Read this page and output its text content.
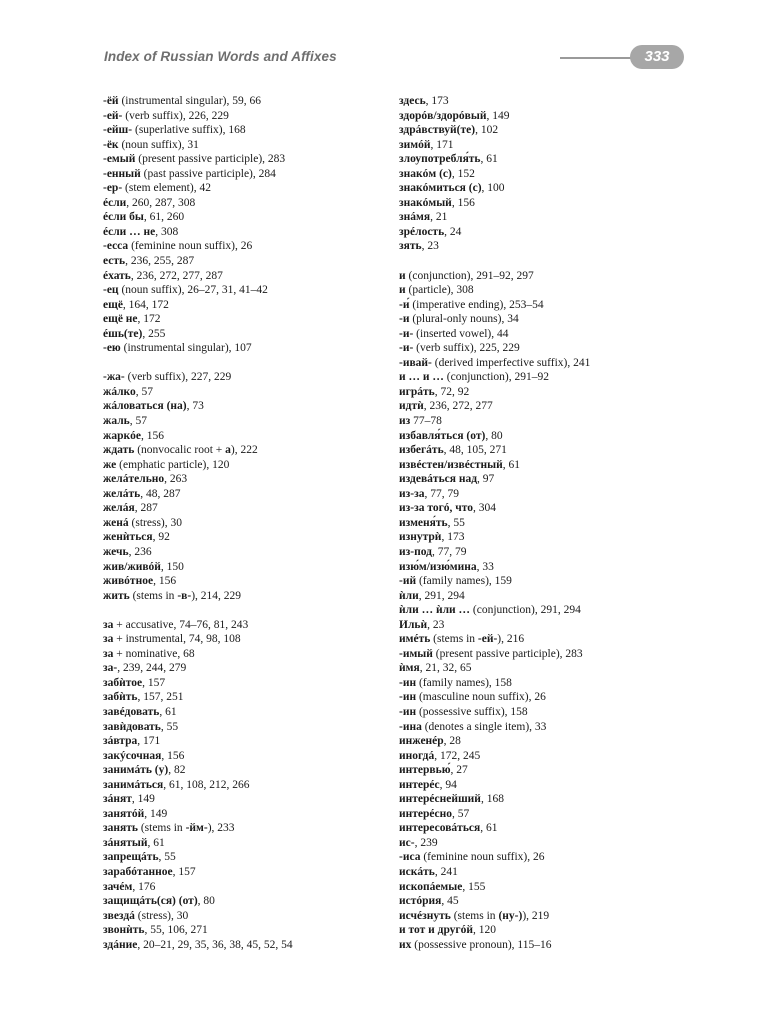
Index of Russian Words and Affixes	333
-ёй (instrumental singular), 59, 66
-ей- (verb suffix), 226, 229
-ейш- (superlative suffix), 168
-ёк (noun suffix), 31
-емый (present passive participle), 283
-енный (past passive participle), 284
-ер- (stem element), 42
éсли, 260, 287, 308
éсли бы, 61, 260
éсли … не, 308
-есса (feminine noun suffix), 26
есть, 236, 255, 287
éхать, 236, 272, 277, 287
-ец (noun suffix), 26–27, 31, 41–42
ещё, 164, 172
ещё не, 172
éшь(те), 255
-ею (instrumental singular), 107
-жа- (verb suffix), 227, 229
жáлко, 57
жáловаться (на), 73
жаль, 57
жаркóе, 156
ждать (nonvocalic root + а), 222
же (emphatic particle), 120
желáтельно, 263
желáть, 48, 287
желáя, 287
женá (stress), 30
женѝться, 92
жечь, 236
жив/живóй, 150
живóтное, 156
жить (stems in -в-), 214, 229
за + accusative, 74–76, 81, 243
за + instrumental, 74, 98, 108
за + nominative, 68
за-, 239, 244, 279
забѝтое, 157
забѝть, 157, 251
завéдовать, 61
завѝдовать, 55
зáвтра, 171
закýсочная, 156
занимáть (у), 82
занимáться, 61, 108, 212, 266
зáнят, 149
занятóй, 149
занять (stems in -йм-), 233
зáнятый, 61
запрещáть, 55
зарабóтанное, 157
зачéм, 176
защищáть(ся) (от), 80
звездá (stress), 30
звонѝть, 55, 106, 271
здáние, 20–21, 29, 35, 36, 38, 45, 52, 54
здесь, 173
здорóв/здорóвый, 149
здрáвствуй(те), 102
зимóй, 171
злоупотребля́ть, 61
знакóм (с), 152
знакóмиться (с), 100
знакóмый, 156
знáмя, 21
зрéлость, 24
зять, 23
и (conjunction), 291–92, 297
и (particle), 308
-и́ (imperative ending), 253–54
-и (plural-only nouns), 34
-и- (inserted vowel), 44
-и- (verb suffix), 225, 229
-ивай- (derived imperfective suffix), 241
и … и … (conjunction), 291–92
игрáть, 72, 92
идтѝ, 236, 272, 277
из 77–78
избавля́ться (от), 80
избегáть, 48, 105, 271
извéстен/извéстный, 61
издевáться над, 97
из-за, 77, 79
из-за тогó, что, 304
изменя́ть, 55
изнутрѝ, 173
из-под, 77, 79
изю́м/изю́мина, 33
-ий (family names), 159
ѝли, 291, 294
ѝли … ѝли … (conjunction), 291, 294
Ильѝ, 23
имéть (stems in -ей-), 216
-имый (present passive participle), 283
ѝмя, 21, 32, 65
-ин (family names), 158
-ин (masculine noun suffix), 26
-ин (possessive suffix), 158
-ина (denotes a single item), 33
инженéр, 28
иногдá, 172, 245
интервью́, 27
интерéс, 94
интерéснейший, 168
интерéсно, 57
интересовáться, 61
ис-, 239
-иса (feminine noun suffix), 26
искáть, 241
ископáемые, 155
истóрия, 45
исчéзнуть (stems in (ну-)), 219
и тот и другóй, 120
их (possessive pronoun), 115–16
